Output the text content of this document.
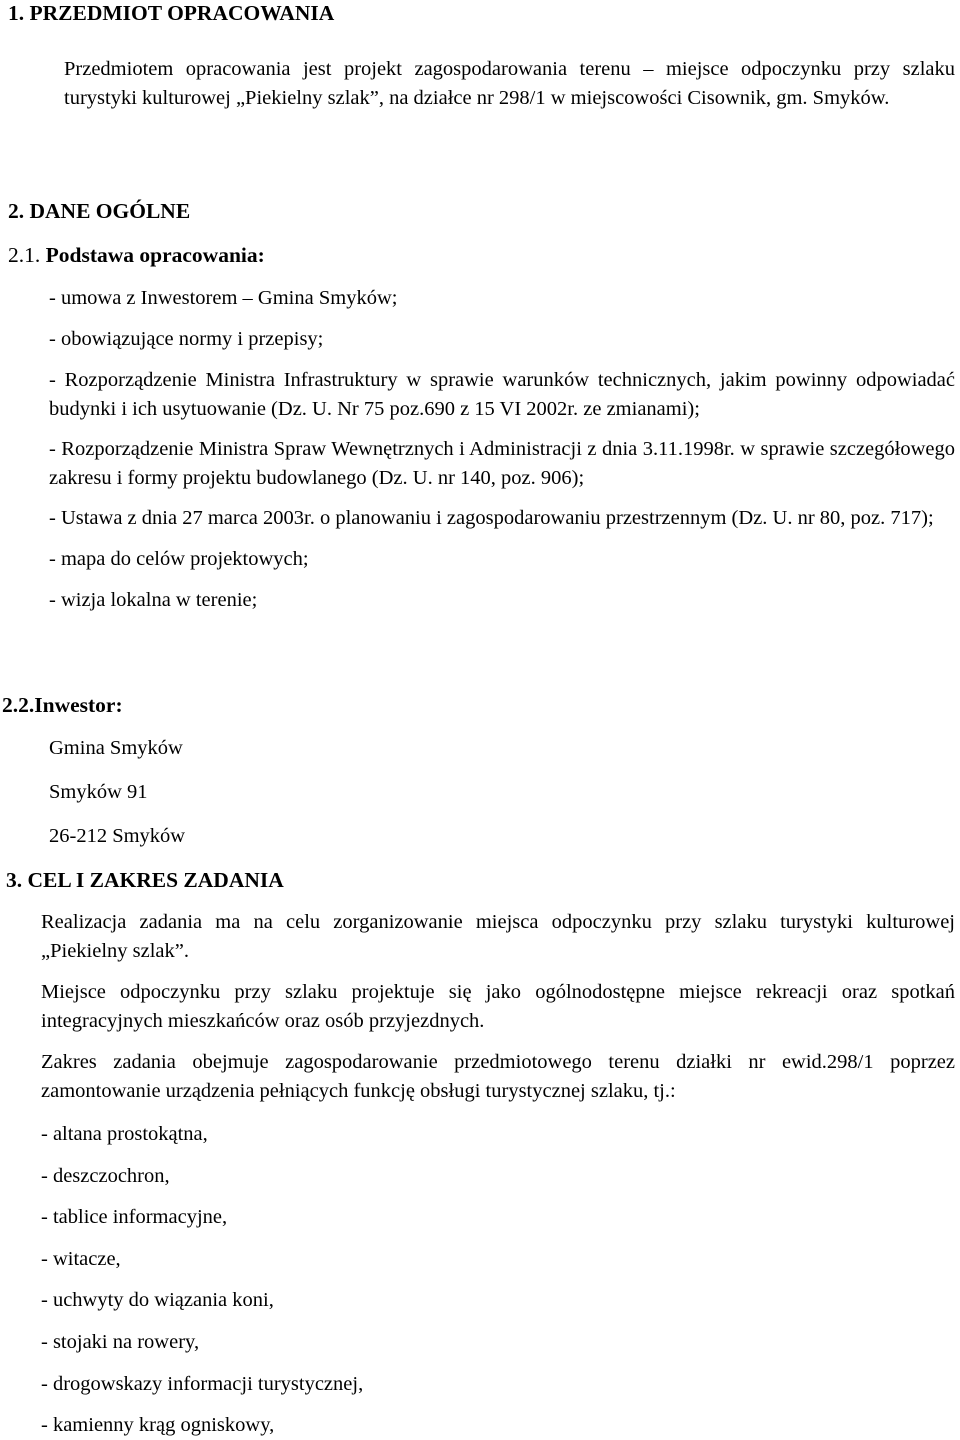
1. PRZEDMIOT OPRACOWANIA

Przedmiotem opracowania jest projekt zagospodarowania terenu – miejsce odpoczynku przy szlaku turystyki kulturowej „Piekielny szlak”, na działce nr 298/1 w miejscowości Cisownik, gm. Smyków.

2. DANE OGÓLNE
2.1. Podstawa opracowania:
- umowa z Inwestorem – Gmina Smyków;
- obowiązujące normy i przepisy;
- Rozporządzenie Ministra Infrastruktury w sprawie warunków technicznych, jakim powinny odpowiadać budynki i ich usytuowanie (Dz. U. Nr 75 poz.690 z 15 VI 2002r. ze zmianami);
- Rozporządzenie Ministra Spraw Wewnętrznych i Administracji z dnia 3.11.1998r. w sprawie szczegółowego zakresu i formy projektu budowlanego (Dz. U. nr 140, poz. 906);
- Ustawa z dnia 27 marca 2003r. o planowaniu i zagospodarowaniu przestrzennym (Dz. U. nr 80, poz. 717);
- mapa do celów projektowych;
- wizja lokalna w terenie;
2.2.Inwestor:
Gmina Smyków
Smyków 91
26-212 Smyków
3. CEL I ZAKRES ZADANIA

Realizacja zadania ma na celu zorganizowanie miejsca odpoczynku przy szlaku turystyki kulturowej „Piekielny szlak”.

Miejsce odpoczynku przy szlaku projektuje się jako ogólnodostępne miejsce rekreacji oraz spotkań integracyjnych mieszkańców oraz osób przyjezdnych.

Zakres zadania obejmuje zagospodarowanie przedmiotowego terenu działki nr ewid.298/1 poprzez zamontowanie urządzenia pełniących funkcję obsługi turystycznej szlaku, tj.:

- altana prostokątna,
- deszczochron,
- tablice informacyjne,
- witacze,
- uchwyty do wiązania koni,
- stojaki na rowery,
- drogowskazy informacji turystycznej,
- kamienny krąg ogniskowy,
